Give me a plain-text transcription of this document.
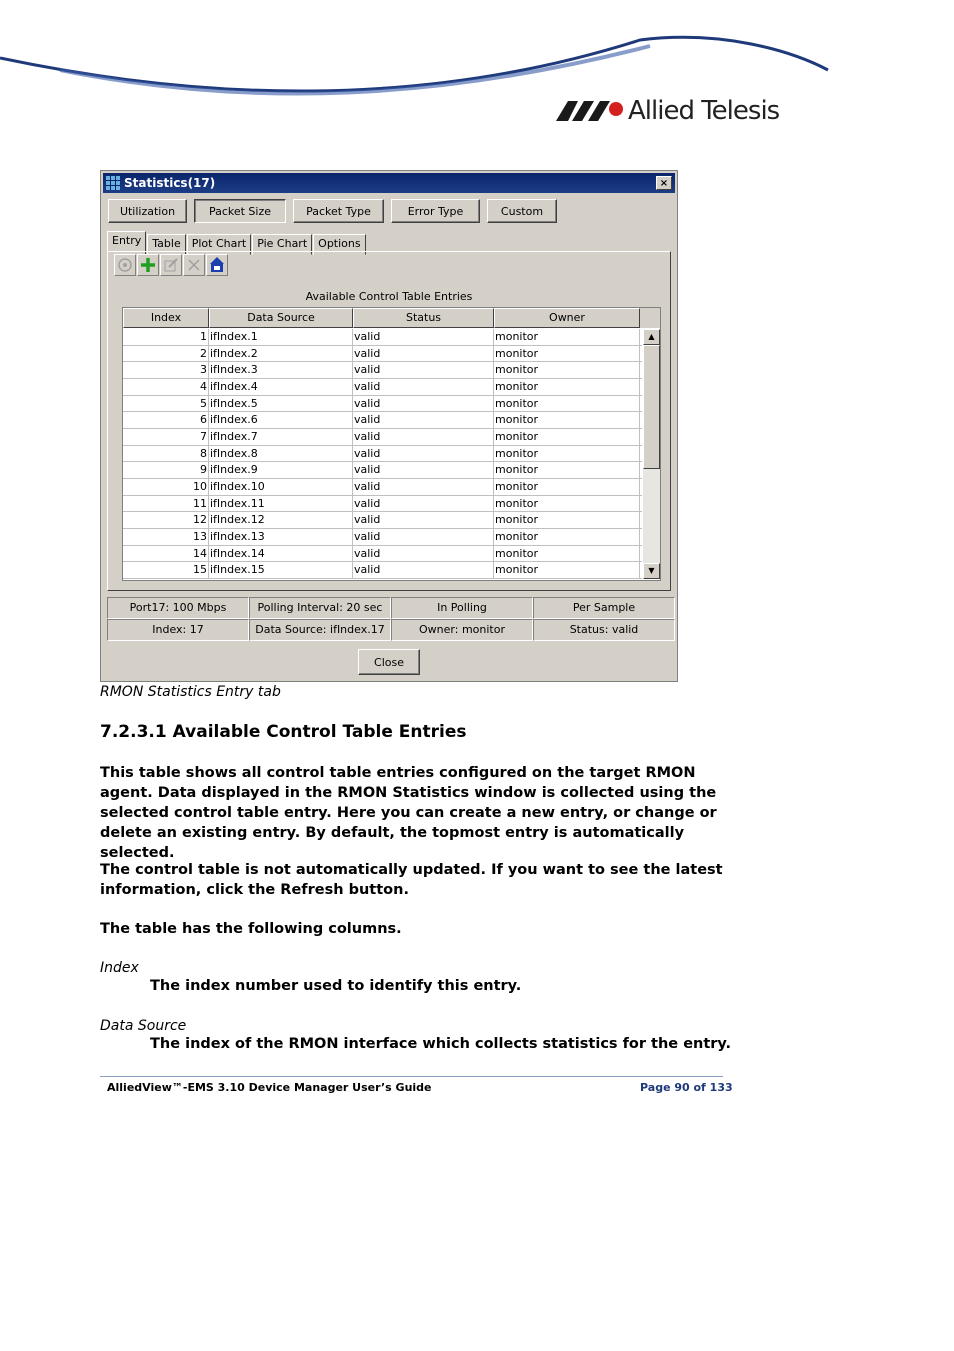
Allied Telesis
Statistics(17)	×
Utilization	Packet Size	Packet Type	Error Type	Custom
Entry	Table	Plot Chart	Pie Chart	Options
Available Control Table Entries
Index	Data Source	Status	Owner
1 ifIndex.1	valid	monitor
2 ifIndex.2	valid	monitor
3 ifIndex.3	valid	monitor
4 ifIndex.4	valid	monitor
5 ifIndex.5	valid	monitor
6 ifIndex.6	valid	monitor
7 ifIndex.7	valid	monitor
8 ifIndex.8	valid	monitor
9 ifIndex.9	valid	monitor
10 ifIndex.10	valid	monitor
11 ifIndex.11	valid	monitor
12 ifIndex.12	valid	monitor
13 ifIndex.13	valid	monitor
14 ifIndex.14	valid	monitor
15 ifIndex.15	valid	monitor
▲
▼
Port17: 100 Mbps	Polling Interval: 20 sec	In Polling	Per Sample
Index: 17	Data Source: ifIndex.17	Owner: monitor	Status: valid
Close
RMON Statistics Entry tab
7.2.3.1 Available Control Table Entries
This table shows all control table entries configured on the target RMON agent. Data displayed in the RMON Statistics window is collected using the selected control table entry. Here you can create a new entry, or change or delete an existing entry. By default, the topmost entry is automatically selected.
The control table is not automatically updated. If you want to see the latest information, click the Refresh button.
The table has the following columns.
Index
The index number used to identify this entry.
Data Source
The index of the RMON interface which collects statistics for the entry.
AlliedView™-EMS 3.10 Device Manager User’s Guide	Page 90 of 133
